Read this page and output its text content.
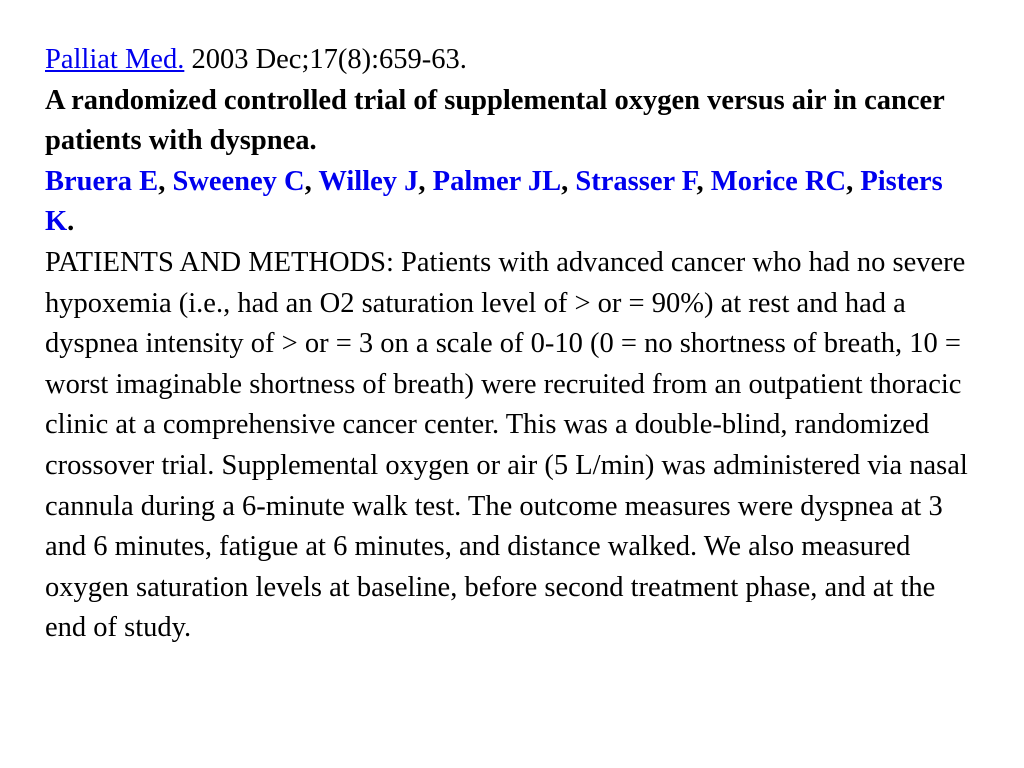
Palliat Med. 2003 Dec;17(8):659-63.

A randomized controlled trial of supplemental oxygen versus air in cancer patients with dyspnea.

Bruera E, Sweeney C, Willey J, Palmer JL, Strasser F, Morice RC, Pisters K.

PATIENTS AND METHODS: Patients with advanced cancer who had no severe hypoxemia (i.e., had an O2 saturation level of > or = 90%) at rest and had a dyspnea intensity of > or = 3 on a scale of 0-10 (0 = no shortness of breath, 10 = worst imaginable shortness of breath) were recruited from an outpatient thoracic clinic at a comprehensive cancer center. This was a double-blind, randomized crossover trial. Supplemental oxygen or air (5 L/min) was administered via nasal cannula during a 6-minute walk test. The outcome measures were dyspnea at 3 and 6 minutes, fatigue at 6 minutes, and distance walked. We also measured oxygen saturation levels at baseline, before second treatment phase, and at the end of study.
